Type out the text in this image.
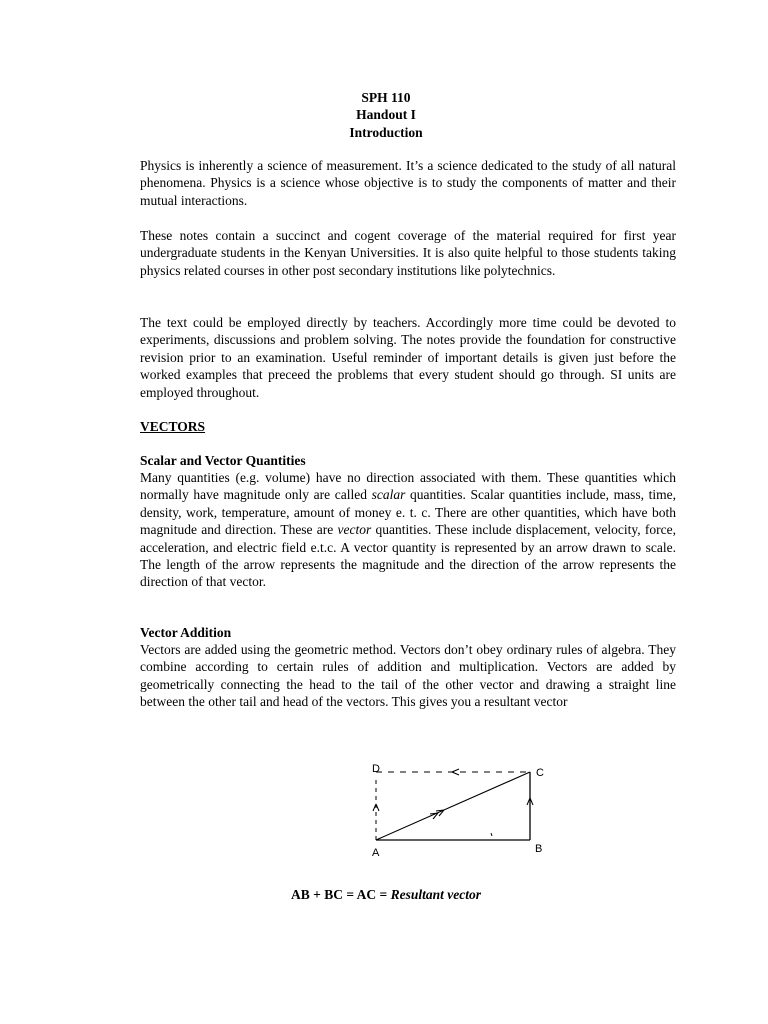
SPH 110
Handout I
Introduction

Physics is inherently a science of measurement. It’s a science dedicated to the study of all natural phenomena. Physics is a science whose objective is to study the components of matter and their mutual interactions.

These notes contain a succinct and cogent coverage of the material required for first year undergraduate students in the Kenyan Universities. It is also quite helpful to those students taking physics related courses in other post secondary institutions like polytechnics.

The text could be employed directly by teachers. Accordingly more time could be devoted to experiments, discussions and problem solving. The notes provide the foundation for constructive revision prior to an examination. Useful reminder of important details is given just before the worked examples that preceed the problems that every student should go through. SI units are employed throughout.

VECTORS
Scalar and Vector Quantities

Many quantities (e.g. volume) have no direction associated with them. These quantities which normally have magnitude only are called scalar quantities. Scalar quantities include, mass, time, density, work, temperature, amount of money e. t. c. There are other quantities, which have both magnitude and direction. These are vector quantities. These include displacement, velocity, force, acceleration, and electric field e.t.c. A vector quantity is represented by an arrow drawn to scale. The length of the arrow represents the magnitude and the direction of the arrow represents the direction of that vector.

Vector Addition

Vectors are added using the geometric method. Vectors don’t obey ordinary rules of algebra. They combine according to certain rules of addition and multiplication. Vectors are added by geometrically connecting the head to the tail of the other vector and drawing a straight line between the other tail and head of the vectors. This gives you a resultant vector

A	B
C
D
AB + BC = AC = Resultant vector
